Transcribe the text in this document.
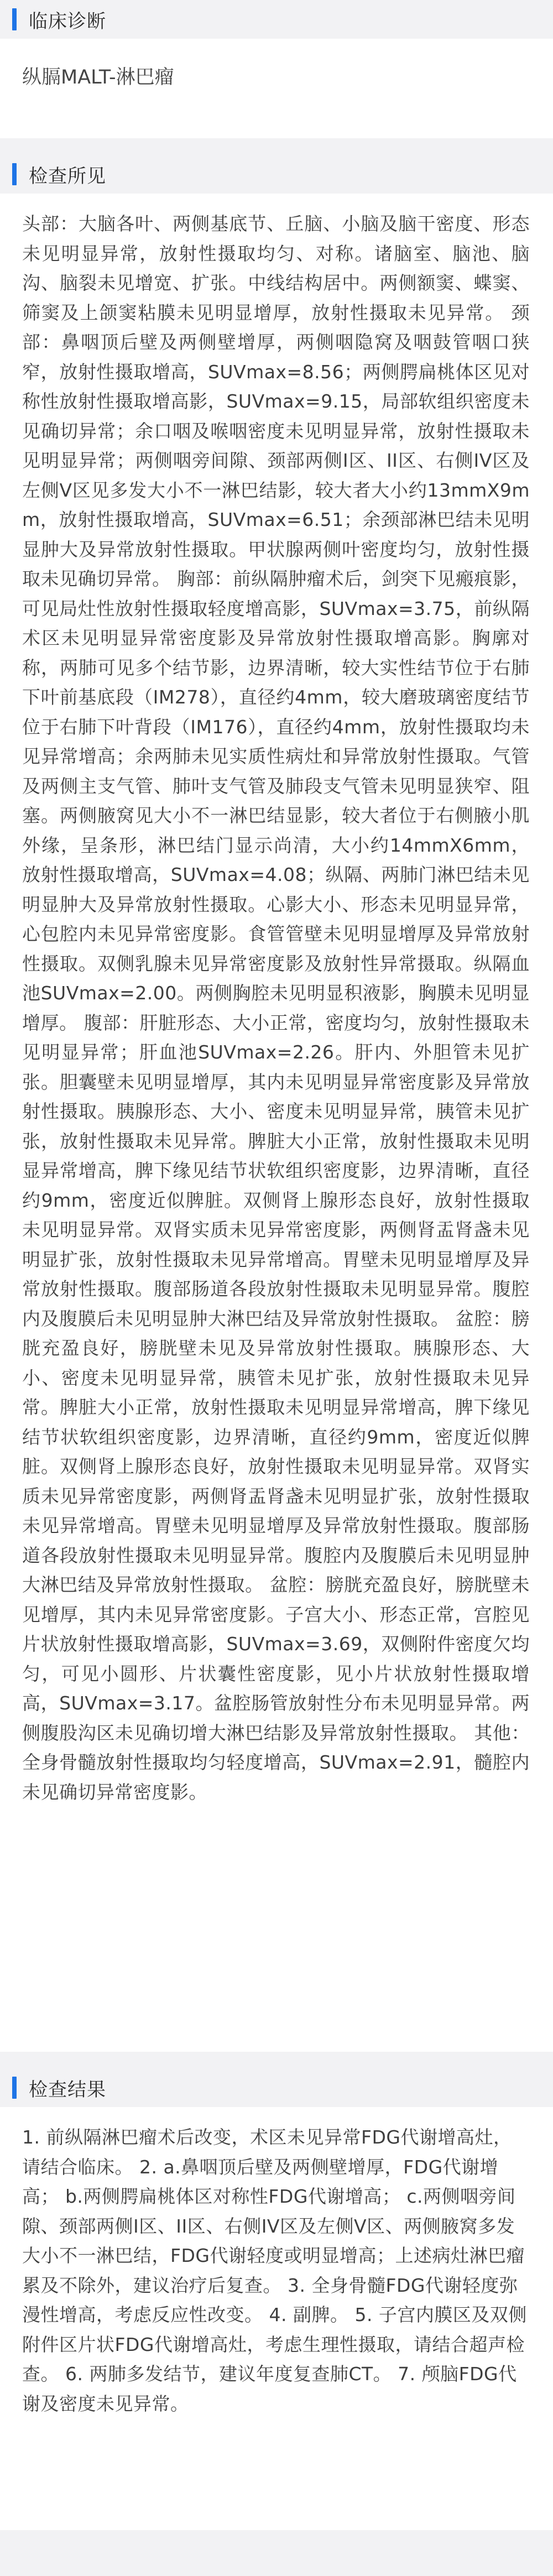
临床诊断
纵膈MALT-淋巴瘤
检查所见
头部：大脑各叶、两侧基底节、丘脑、小脑及脑干密度、形态未见明显异常，放射性摄取均匀、对称。诸脑室、脑池、脑沟、脑裂未见增宽、扩张。中线结构居中。两侧额窦、蝶窦、筛窦及上颌窦粘膜未见明显增厚，放射性摄取未见异常。 颈部：鼻咽顶后壁及两侧壁增厚，两侧咽隐窝及咽鼓管咽口狭窄，放射性摄取增高，SUVmax=8.56；两侧腭扁桃体区见对称性放射性摄取增高影，SUVmax=9.15，局部软组织密度未见确切异常；余口咽及喉咽密度未见明显异常，放射性摄取未见明显异常；两侧咽旁间隙、颈部两侧I区、II区、右侧IV区及左侧V区见多发大小不一淋巴结影，较大者大小约13mmX9mm，放射性摄取增高，SUVmax=6.51；余颈部淋巴结未见明显肿大及异常放射性摄取。甲状腺两侧叶密度均匀，放射性摄取未见确切异常。 胸部：前纵隔肿瘤术后，剑突下见瘢痕影，可见局灶性放射性摄取轻度增高影，SUVmax=3.75，前纵隔术区未见明显异常密度影及异常放射性摄取增高影。胸廓对称，两肺可见多个结节影，边界清晰，较大实性结节位于右肺下叶前基底段（IM278），直径约4mm，较大磨玻璃密度结节位于右肺下叶背段（IM176），直径约4mm，放射性摄取均未见异常增高；余两肺未见实质性病灶和异常放射性摄取。气管及两侧主支气管、肺叶支气管及肺段支气管未见明显狭窄、阻塞。两侧腋窝见大小不一淋巴结显影，较大者位于右侧腋小肌外缘，呈条形，淋巴结门显示尚清，大小约14mmX6mm，放射性摄取增高，SUVmax=4.08；纵隔、两肺门淋巴结未见明显肿大及异常放射性摄取。心影大小、形态未见明显异常，心包腔内未见异常密度影。食管管壁未见明显增厚及异常放射性摄取。双侧乳腺未见异常密度影及放射性异常摄取。纵隔血池SUVmax=2.00。两侧胸腔未见明显积液影，胸膜未见明显增厚。 腹部：肝脏形态、大小正常，密度均匀，放射性摄取未见明显异常；肝血池SUVmax=2.26。肝内、外胆管未见扩张。胆囊壁未见明显增厚，其内未见明显异常密度影及异常放射性摄取。胰腺形态、大小、密度未见明显异常，胰管未见扩张，放射性摄取未见异常。脾脏大小正常，放射性摄取未见明显异常增高，脾下缘见结节状软组织密度影，边界清晰，直径约9mm，密度近似脾脏。双侧肾上腺形态良好，放射性摄取未见明显异常。双肾实质未见异常密度影，两侧肾盂肾盏未见明显扩张，放射性摄取未见异常增高。胃壁未见明显增厚及异常放射性摄取。腹部肠道各段放射性摄取未见明显异常。腹腔内及腹膜后未见明显肿大淋巴结及异常放射性摄取。 盆腔：膀胱充盈良好，膀胱壁未见及异常放射性摄取。胰腺形态、大小、密度未见明显异常，胰管未见扩张，放射性摄取未见异常。脾脏大小正常，放射性摄取未见明显异常增高，脾下缘见结节状软组织密度影，边界清晰，直径约9mm，密度近似脾脏。双侧肾上腺形态良好，放射性摄取未见明显异常。双肾实质未见异常密度影，两侧肾盂肾盏未见明显扩张，放射性摄取未见异常增高。胃壁未见明显增厚及异常放射性摄取。腹部肠道各段放射性摄取未见明显异常。腹腔内及腹膜后未见明显肿大淋巴结及异常放射性摄取。 盆腔：膀胱充盈良好，膀胱壁未见增厚，其内未见异常密度影。子宫大小、形态正常，宫腔见片状放射性摄取增高影，SUVmax=3.69，双侧附件密度欠均匀，可见小圆形、片状囊性密度影，见小片状放射性摄取增高，SUVmax=3.17。盆腔肠管放射性分布未见明显异常。两侧腹股沟区未见确切增大淋巴结影及异常放射性摄取。 其他：全身骨髓放射性摄取均匀轻度增高，SUVmax=2.91，髓腔内未见确切异常密度影。
检查结果
1. 前纵隔淋巴瘤术后改变，术区未见异常FDG代谢增高灶，请结合临床。 2. a.鼻咽顶后壁及两侧壁增厚，FDG代谢增高； b.两侧腭扁桃体区对称性FDG代谢增高； c.两侧咽旁间隙、颈部两侧I区、II区、右侧IV区及左侧V区、两侧腋窝多发大小不一淋巴结，FDG代谢轻度或明显增高；上述病灶淋巴瘤累及不除外，建议治疗后复查。 3. 全身骨髓FDG代谢轻度弥漫性增高，考虑反应性改变。 4. 副脾。 5. 子宫内膜区及双侧附件区片状FDG代谢增高灶，考虑生理性摄取，请结合超声检查。 6. 两肺多发结节，建议年度复查肺CT。 7. 颅脑FDG代谢及密度未见异常。
